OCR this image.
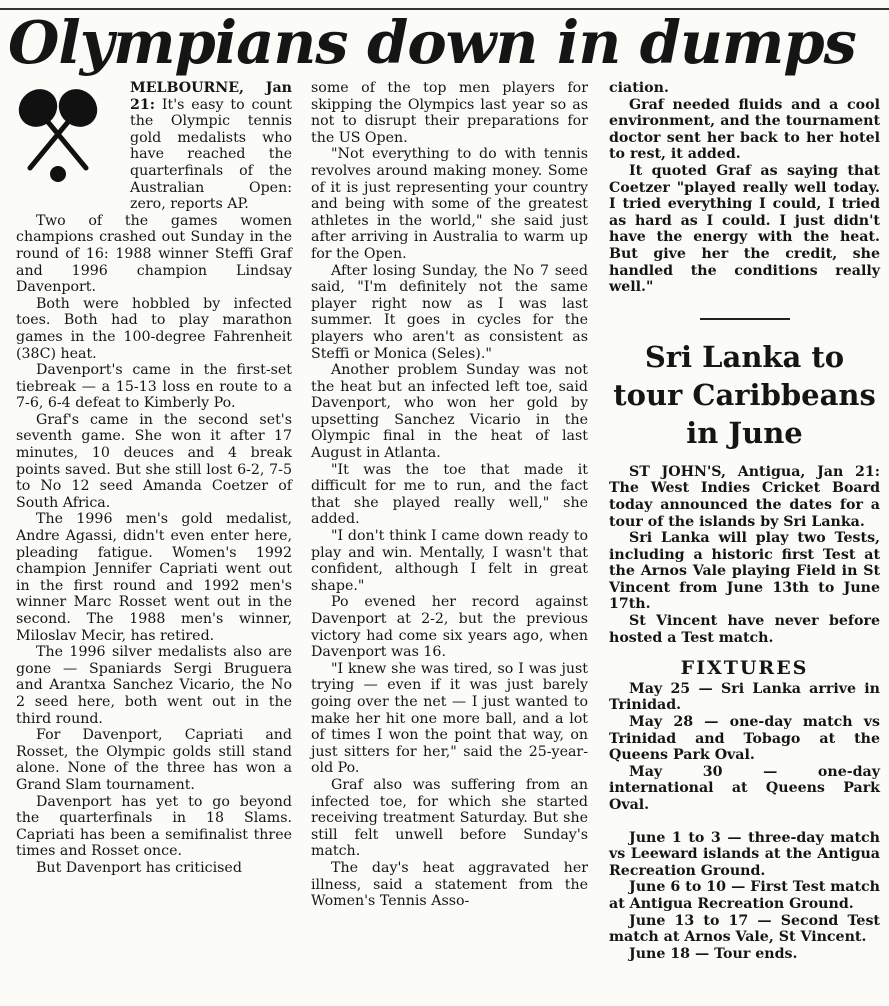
Olympians down in dumps

MELBOURNE, Jan 21: It's easy to count the Olympic tennis gold medalists who have reached the quarterfinals of the Australian Open: zero, reports AP.

Two of the games women champions crashed out Sunday in the round of 16: 1988 winner Steffi Graf and 1996 champion Lindsay Davenport.

Both were hobbled by infected toes. Both had to play marathon games in the 100-degree Fahrenheit (38C) heat.

Davenport's came in the first-set tiebreak — a 15-13 loss en route to a 7-6, 6-4 defeat to Kimberly Po.

Graf's came in the second set's seventh game. She won it after 17 minutes, 10 deuces and 4 break points saved. But she still lost 6-2, 7-5 to No 12 seed Amanda Coetzer of South Africa.

The 1996 men's gold medalist, Andre Agassi, didn't even enter here, pleading fatigue. Women's 1992 champion Jennifer Capriati went out in the first round and 1992 men's winner Marc Rosset went out in the second. The 1988 men's winner, Miloslav Mecir, has retired.

The 1996 silver medalists also are gone — Spaniards Sergi Bruguera and Arantxa Sanchez Vicario, the No 2 seed here, both went out in the third round.

For Davenport, Capriati and Rosset, the Olympic golds still stand alone. None of the three has won a Grand Slam tournament.

Davenport has yet to go beyond the quarterfinals in 18 Slams. Capriati has been a semifinalist three times and Rosset once.

But Davenport has criticised

some of the top men players for skipping the Olympics last year so as not to disrupt their preparations for the US Open.

"Not everything to do with tennis revolves around making money. Some of it is just representing your country and being with some of the greatest athletes in the world," she said just after arriving in Australia to warm up for the Open.

After losing Sunday, the No 7 seed said, "I'm definitely not the same player right now as I was last summer. It goes in cycles for the players who aren't as consistent as Steffi or Monica (Seles)."

Another problem Sunday was not the heat but an infected left toe, said Davenport, who won her gold by upsetting Sanchez Vicario in the Olympic final in the heat of last August in Atlanta.

"It was the toe that made it difficult for me to run, and the fact that she played really well," she added.

"I don't think I came down ready to play and win. Mentally, I wasn't that confident, although I felt in great shape."

Po evened her record against Davenport at 2-2, but the previous victory had come six years ago, when Davenport was 16.

"I knew she was tired, so I was just trying — even if it was just barely going over the net — I just wanted to make her hit one more ball, and a lot of times I won the point that way, on just sitters for her," said the 25-year-old Po.

Graf also was suffering from an infected toe, for which she started receiving treatment Saturday. But she still felt unwell before Sunday's match.

The day's heat aggravated her illness, said a statement from the Women's Tennis Asso-

ciation.

Graf needed fluids and a cool environment, and the tournament doctor sent her back to her hotel to rest, it added.

It quoted Graf as saying that Coetzer "played really well today. I tried everything I could, I tried as hard as I could. I just didn't have the energy with the heat. But give her the credit, she handled the conditions really well."

Sri Lanka to tour Caribbeans in June

ST JOHN'S, Antigua, Jan 21: The West Indies Cricket Board today announced the dates for a tour of the islands by Sri Lanka.

Sri Lanka will play two Tests, including a historic first Test at the Arnos Vale playing Field in St Vincent from June 13th to June 17th.

St Vincent have never before hosted a Test match.

FIXTURES

May 25 — Sri Lanka arrive in Trinidad.

May 28 — one-day match vs Trinidad and Tobago at the Queens Park Oval.

May 30 — one-day international at Queens Park Oval.

June 1 to 3 — three-day match vs Leeward islands at the Antigua Recreation Ground.

June 6 to 10 — First Test match at Antigua Recreation Ground.

June 13 to 17 — Second Test match at Arnos Vale, St Vincent.

June 18 — Tour ends.
